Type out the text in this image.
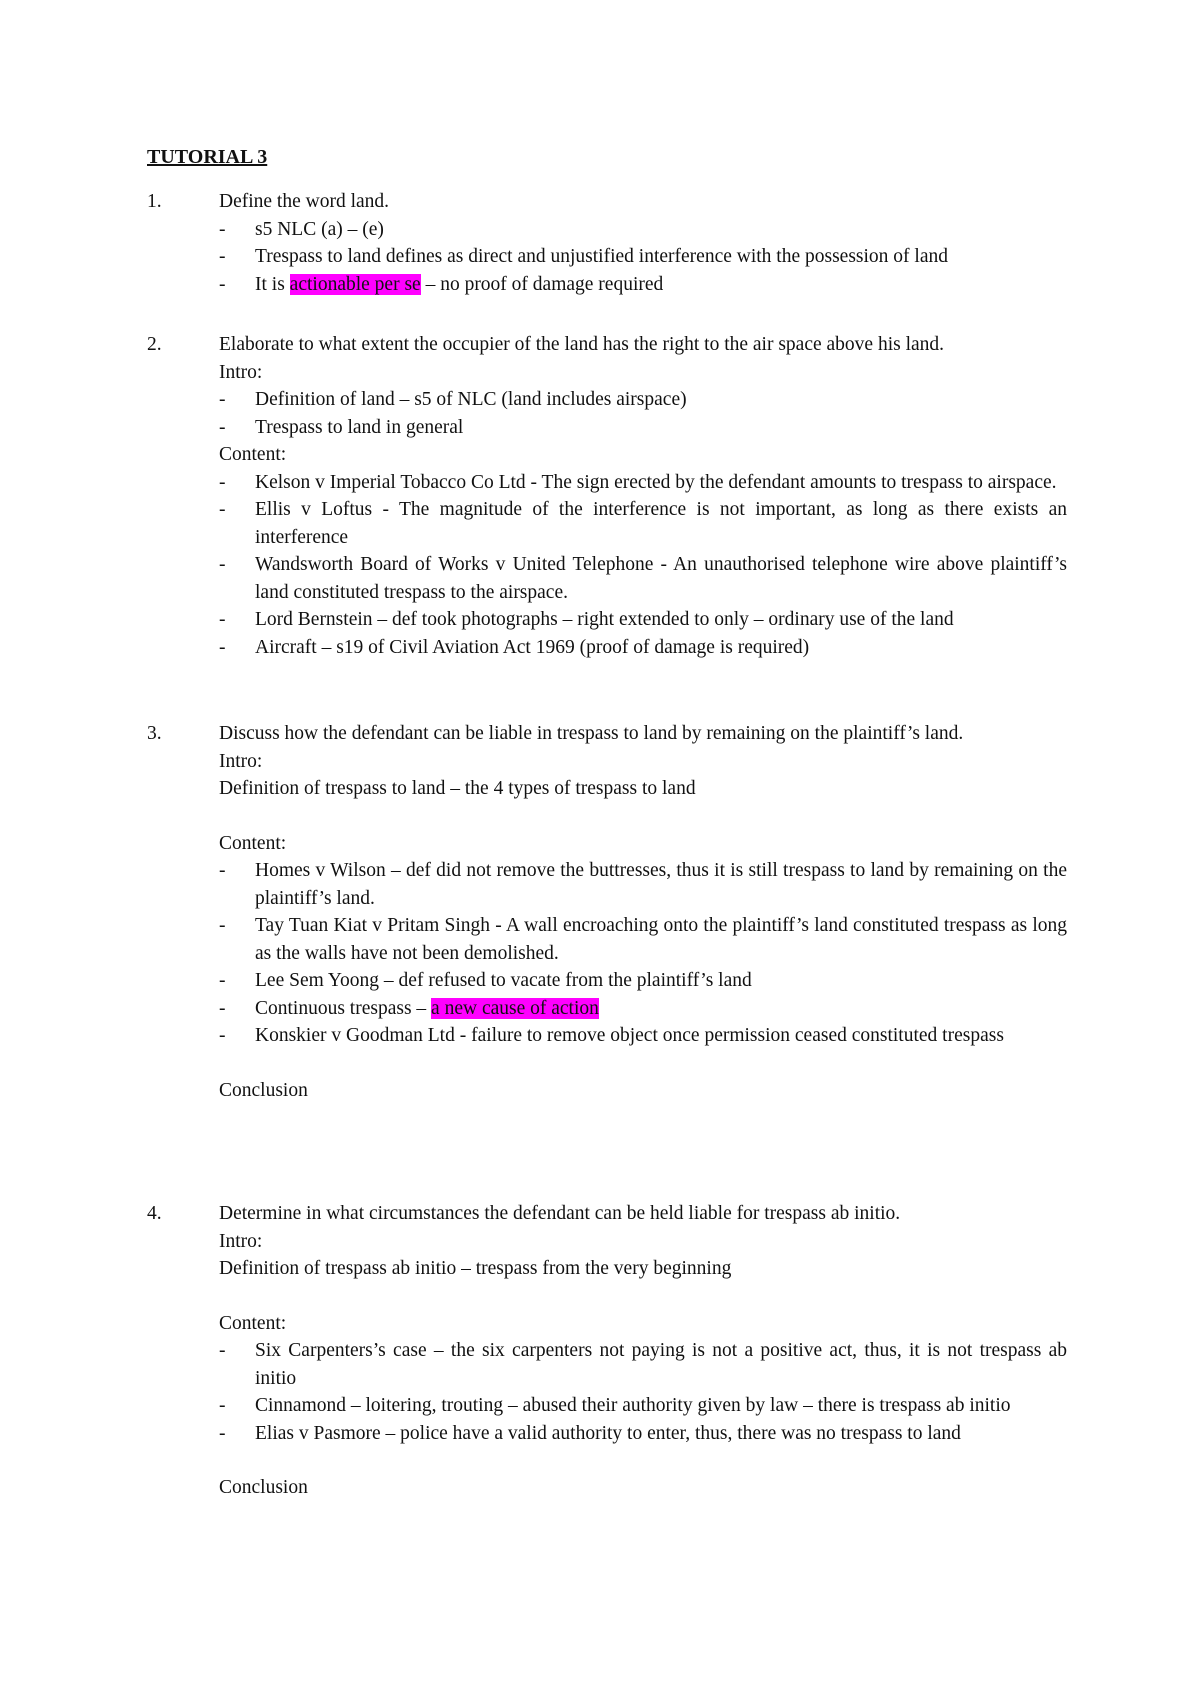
TUTORIAL 3
1.	Define the word land.
- s5 NLC (a) – (e)
- Trespass to land defines as direct and unjustified interference with the possession of land
- It is actionable per se – no proof of damage required
2.	Elaborate to what extent the occupier of the land has the right to the air space above his land.
Intro:
- Definition of land – s5 of NLC (land includes airspace)
- Trespass to land in general
Content:
- Kelson v Imperial Tobacco Co Ltd - The sign erected by the defendant amounts to trespass to airspace.
- Ellis v Loftus - The magnitude of the interference is not important, as long as there exists an interference
- Wandsworth Board of Works v United Telephone - An unauthorised telephone wire above plaintiff’s land constituted trespass to the airspace.
- Lord Bernstein – def took photographs – right extended to only – ordinary use of the land
- Aircraft – s19 of Civil Aviation Act 1969 (proof of damage is required)
3.	Discuss how the defendant can be liable in trespass to land by remaining on the plaintiff’s land.
Intro:
Definition of trespass to land – the 4 types of trespass to land
Content:
- Homes v Wilson – def did not remove the buttresses, thus it is still trespass to land by remaining on the plaintiff’s land.
- Tay Tuan Kiat v Pritam Singh - A wall encroaching onto the plaintiff’s land constituted trespass as long as the walls have not been demolished.
- Lee Sem Yoong – def refused to vacate from the plaintiff’s land
- Continuous trespass – a new cause of action
- Konskier v Goodman Ltd - failure to remove object once permission ceased constituted trespass
Conclusion
4.	Determine in what circumstances the defendant can be held liable for trespass ab initio.
Intro:
Definition of trespass ab initio – trespass from the very beginning
Content:
- Six Carpenters’s case – the six carpenters not paying is not a positive act, thus, it is not trespass ab initio
- Cinnamond – loitering, trouting – abused their authority given by law – there is trespass ab initio
- Elias v Pasmore – police have a valid authority to enter, thus, there was no trespass to land
Conclusion
